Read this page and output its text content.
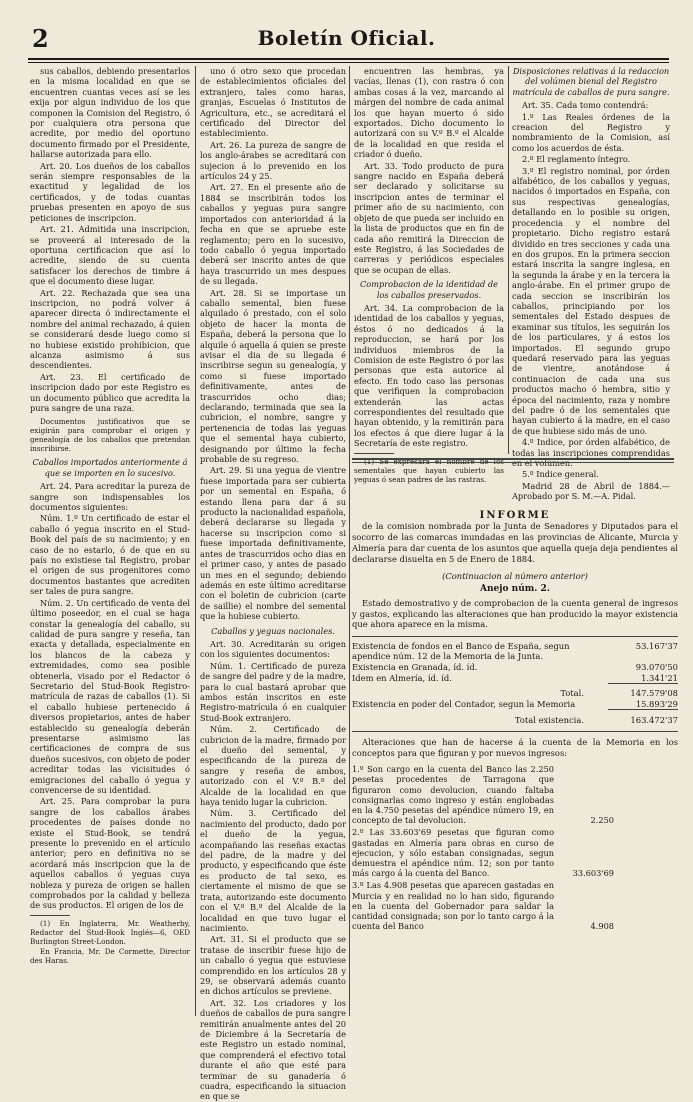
2	Boletín Oficial.

sus caballos, debiendo presentarlos en la misma localidad en que se encuentren cuantas veces así se les exija por algun individuo de los que componen la Comision del Registro, ó por cualquiera otra persona que acredite, por medio del oportuno documento firmado por el Presidente, hallarse autorizada para ello.

Art. 20. Los dueños de los caballos serán siempre responsables de la exactitud y legalidad de los certificados, y de todas cuantas pruebas presenten en apoyo de sus peticiones de inscripcion.

Art. 21. Admitida una inscripcion, se proveerá al interesado de la oportuna certificacion que así lo acredite, siendo de su cuenta satisfacer los derechos de timbre á que el documento diese lugar.

Art. 22. Rechazada que sea una inscripcion, no podrá volver á aparecer directa ó indirectamente el nombre del animal rechazado, á quien se considerará desde luego como si no hubiese existido prohibicion, que alcanza asimismo á sus descendientes.

Art. 23. El certificado de inscripcion dado por este Registro es un documento público que acredita la pura sangre de una raza.

Documentos justificativos que se exigirán para comprobar el origen y genealogía de los caballos que pretendan inscribirse.

Caballos importados anteriormente á que se importen en lo sucesivo.

Art. 24. Para acreditar la pureza de sangre son indispensables los documentos siguientes:

Núm. 1.º Un certificado de estar el caballo ó yegua inscrito en el Stud-Book del país de su nacimiento; y en caso de no estarlo, ó de que en su país no existiese tal Registro, probar el origen de sus progenitores como documentos bastantes que acrediten ser tales de pura sangre.

Núm. 2. Un certificado de venta del último poseedor, en el cual se haga constar la genealogía del caballo, su calidad de pura sangre y reseña, tan exacta y detallada, especialmente en los blancos de la cabeza y extremidades, como sea posible obtenerla, visado por el Redactor ó Secretario del Stud-Book Registro-matrícula de razas de caballos (1). Si el caballo hubiese pertenecido á diversos propietarios, antes de haber establecido su genealogía deberán presentarse asimismo las certificaciones de compra de sus dueños sucesivos, con objeto de poder acreditar todas las vicisitudes ó emigraciones del caballo ó yegua y convencerse de su identidad.

Art. 25. Para comprobar la pura sangre de los caballos árabes procedentes de países donde no existe el Stud-Book, se tendrá presente lo prevenido en el artículo anterior; pero en definitiva no se acordará más inscripcion que la de aquellos caballos ó yeguas cuya nobleza y pureza de origen se hallen comprobados por la calidad y belleza de sus productos. El origen de los de

(1) En Inglaterra, Mr. Weatherby, Redactor del Stud-Book Inglés—6, OED Burlington Street-London.

En Francia, Mr. De Cormette, Director des Haras.

uno ó otro sexo que procedan de establecimientos oficiales del extranjero, tales como haras, granjas, Escuelas ó Institutos de Agricultura, etc., se acreditará el certificado del Director del establecimiento.

Art. 26. La pureza de sangre de los anglo-árabes se acreditará con sujecion á lo prevenido en los artículos 24 y 25.

Art. 27. En el presente año de 1884 se inscribirán todos los caballos y yeguas pura sangre importados con anterioridad á la fecha en que se apruebe este reglamento; pero en lo sucesivo, todo caballo ó yegua importado deberá ser inscrito antes de que haya trascurrido un mes despues de su llegada.

Art. 28. Si se importase un caballo semental, bien fuese alquilado ó prestado, con el solo objeto de hacer la monta de España, deberá la persona que lo alquile ó aquella á quien se preste avisar el dia de su llegada é inscribirse segun su genealogía, y como si fuese importado definitivamente, antes de trascurridos ocho dias; declarando, terminada que sea la cubricion, el nombre, sangre y pertenencia de todas las yeguas que el semental haya cubierto, designando por último la fecha probable de su regreso.

Art. 29. Si una yegua de vientre fuese importada para ser cubierta por un semental en España, ó estando llena para dar á su producto la nacionalidad española, deberá declararse su llegada y hacerse su inscripcion como si fuese importada definitivamente, antes de trascurridos ocho dias en el primer caso, y antes de pasado un mes en el segundo; debiendo además en este último acreditarse con el boletin de cubricion (carte de saillie) el nombre del semental que la hubiese cubierto.

Caballos y yeguas nacionales.

Art. 30. Acreditarán su origen con los siguientes documentos:

Núm. 1. Certificado de pureza de sangre del padre y de la madre, para lo cual bastará aprobar que ambos están inscritos en este Registro-matrícula ó en cualquier Stud-Book extranjero.

Núm. 2. Certificado de cubricion de la madre, firmado por el dueño del semental, y especificando de la pureza de sangre y reseña de ambos, autorizado con el V.º B.º del Alcalde de la localidad en que haya tenido lugar la cubricion.

Núm. 3. Certificado del nacimiento del producto, dado por el dueño de la yegua, acompañando las reseñas exactas del padre, de la madre y del producto, y especificando que éste es producto de tal sexo, es ciertamente el mismo de que se trata, autorizando este documento con el V.º B.º del Alcalde de la localidad en que tuvo lugar el nacimiento.

Art. 31. Si el producto que se tratase de inscribir fuese hijo de un caballo ó yegua que estuviese comprendido en los artículos 28 y 29, se observará además cuanto en dichos artículos se previene.

Art. 32. Los criadores y los dueños de caballos de pura sangre remitirán anualmente antes del 20 de Diciembre á la Secretaría de este Registro un estado nominal, que comprenderá el efectivo total durante el año que esté para terminar de su ganadería ó cuadra, especificando la situacion en que se

encuentren las hembras, ya vacías, llenas (1), con rastra ó con ambas cosas á la vez, marcando al márgen del nombre de cada animal los que hayan muerto ó sido exportados. Dicho documento lo autorizará con su V.º B.º el Alcalde de la localidad en que resida el criador ó dueño.

Art. 33. Todo producto de pura sangre nacido en España deberá ser declarado y solicitarse su inscripcion antes de terminar el primer año de su nacimiento, con objeto de que pueda ser incluido en la lista de productos que en fin de cada año remitirá la Direccion de este Registro, á las Sociedades de carreras y periódicos especiales que se ocupan de ellas.

Comprobacion de la identidad de los caballos preservados.

Art. 34. La comprobacion de la identidad de los caballos y yeguas, éstos ó no dedicados á la reproduccion, se hará por los individuos miembros de la Comision de este Registro ó por las personas que esta autorice al efecto. En todo caso las personas que verifiquen la comprobacion extenderán las actas correspondientes del resultado que hayan obtenido, y la remitirán para los efectos á que diere lugar á la Secretaría de este registro.

(1) Se expresará el nombre de los sementales que hayan cubierto las yeguas ó sean padres de las rastras.

Disposiciones relativas á la redaccion del volúmen bienal del Registro matrícula de caballos de pura sangre.

Art. 35. Cada tomo contendrá:

1.º Las Reales órdenes de la creacion del Registro y nombramiento de la Comision, así como los acuerdos de ésta.

2.º El reglamento íntegro.

3.º El registro nominal, por órden alfabético, de los caballos y yeguas, nacidos ó importados en España, con sus respectivas genealogías, detallando en lo posible su origen, procedencia y el nombre del propietario. Dicho registro estará dividido en tres secciones y cada una en dos grupos. En la primera seccion estará inscrita la sangre inglesa, en la segunda la árabe y en la tercera la anglo-árabe. En el primer grupo de cada seccion se inscribirán los caballos, principiando por los sementales del Estado despues de examinar sus títulos, les seguirán los de los particulares, y á estos los importados. El segundo grupo quedará reservado para las yeguas de vientre, anotándose á continuacion de cada una sus productos macho ó hembra, sitio y época del nacimiento, raza y nombre del padre ó de los sementales que hayan cubierto á la madre, en el caso de que hubiese sido más de uno.

4.º Indice, por órden alfabético, de todas las inscripciones comprendidas en el volúmen.

5.º Indice general.

Madrid 28 de Abril de 1884.— Aprobado por S. M.—A. Pidal.

INFORME

de la comision nombrada por la Junta de Senadores y Diputados para el socorro de las comarcas inundadas en las provincias de Alicante, Murcia y Almería para dar cuenta de los asuntos que aquella queja deja pendientes al declararse disuelta en 5 de Enero de 1884.

(Continuacion al número anterior)
Anejo núm. 2.

Estado demostrativo y de comprobacion de la cuenta general de ingresos y gastos, explicando las alteraciones que han producido la mayor existencia que ahora aparece en la misma.

Existencia de fondos en el Banco de España, segun apendice núm. 12 de la Memoria de la Junta.
53.167'37
Existencia en Granada, íd. íd.	93.070'50
Idem en Almería, íd. íd.	1.341'21
Total.	147.579'08
Existencia en poder del Contador, segun la Memoria	15.893'29
Total existencia.	163.472'37

Alteraciones que han de hacerse á la cuenta de la Memoria en los conceptos para que figuran y por nuevos ingresos:

1.º Son cargo en la cuenta del Banco las 2.250 pesetas procedentes de Tarragona que figuraron como devolucion, cuando faltaba consignarlas como ingreso y están englobadas en la 4.750 pesetas del apéndice número 19, en concepto de tal devolucion.	2.250
2.º Las 33.603'69 pesetas que figuran como gastadas en Almería para obras en curso de ejecucion, y sólo estaban consignadas, segun demuestra el apéndice núm. 12; son por tanto más cargo á la cuenta del Banco.	33.603'69
3.º Las 4.908 pesetas que aparecen gastadas en Murcia y en realidad no lo han sido, figurando en la cuenta del Gobernador para saldar la cantidad consignada; son por lo tanto cargo á la cuenta del Banco	4.908
